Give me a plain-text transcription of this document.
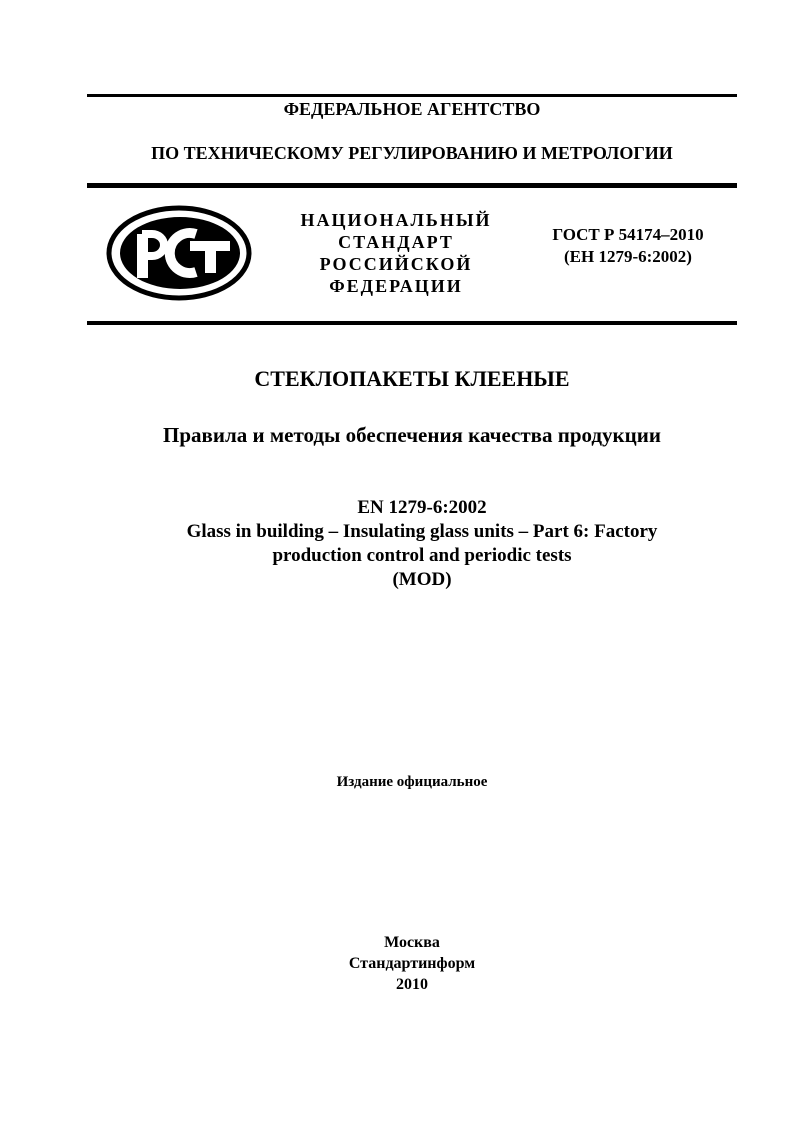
ФЕДЕРАЛЬНОЕ АГЕНТСТВО
ПО ТЕХНИЧЕСКОМУ РЕГУЛИРОВАНИЮ И МЕТРОЛОГИИ
НАЦИОНАЛЬНЫЙ
СТАНДАРТ
РОССИЙСКОЙ
ФЕДЕРАЦИИ
ГОСТ Р 54174–2010
(ЕН 1279-6:2002)
СТЕКЛОПАКЕТЫ КЛЕЕНЫЕ
Правила и методы обеспечения качества продукции
EN 1279-6:2002
Glass in building – Insulating glass units – Part 6: Factory
production control and periodic tests
(MOD)
Издание официальное
Москва
Стандартинформ
2010
